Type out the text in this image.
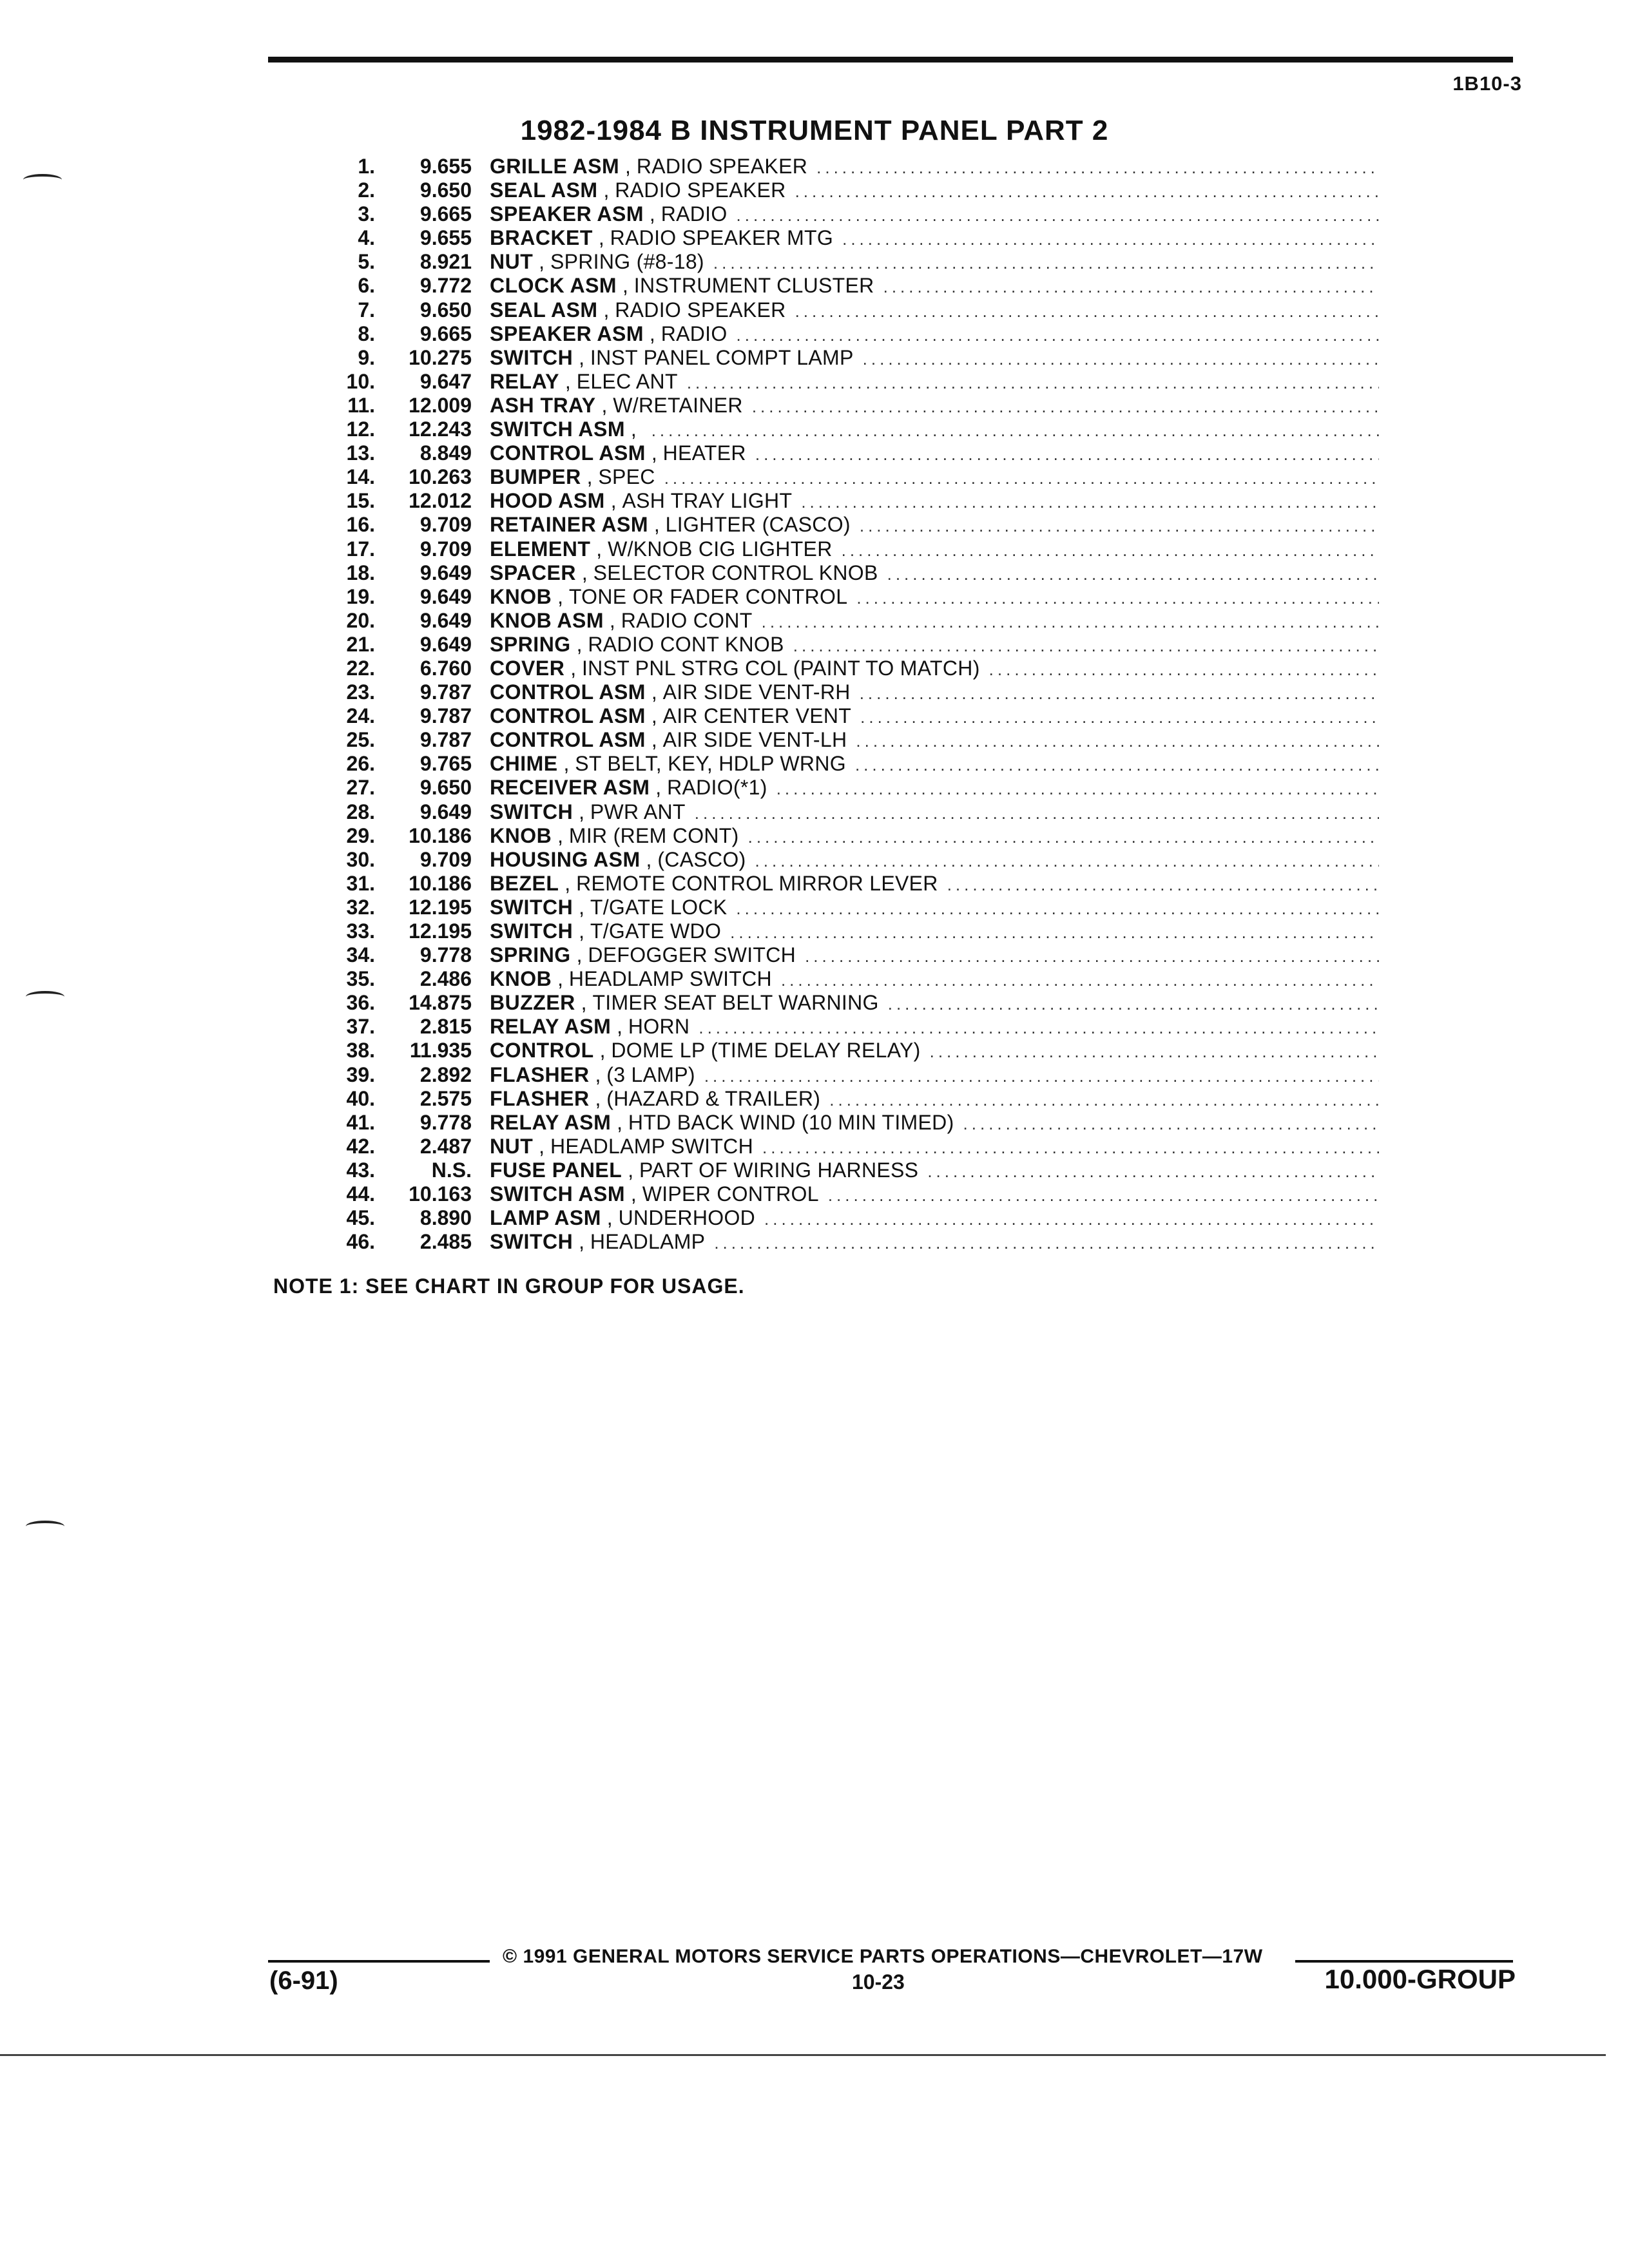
1B10-3
1982-1984 B INSTRUMENT PANEL PART 2
1.	9.655 GRILLE ASM , RADIO SPEAKER
.....
2.	9.650 SEAL ASM , RADIO SPEAKER
.....
3.	9.665 SPEAKER ASM , RADIO
.....
4.	9.655 BRACKET , RADIO SPEAKER MTG
.....
5.	8.921 NUT , SPRING (#8-18)
.....
6.	9.772 CLOCK ASM , INSTRUMENT CLUSTER
.....
7.	9.650 SEAL ASM , RADIO SPEAKER
.....
8.	9.665 SPEAKER ASM , RADIO
.....
9.	10.275 SWITCH , INST PANEL COMPT LAMP
.....
10.	9.647 RELAY , ELEC ANT
.....
11.	12.009 ASH TRAY , W/RETAINER
.....
12.	12.243 SWITCH ASM ,
.....
13.	8.849 CONTROL ASM , HEATER
.....
14.	10.263 BUMPER , SPEC
.....
15.	12.012 HOOD ASM , ASH TRAY LIGHT
.....
16.	9.709 RETAINER ASM , LIGHTER (CASCO)
.....
17.	9.709 ELEMENT , W/KNOB CIG LIGHTER
.....
18.	9.649 SPACER , SELECTOR CONTROL KNOB
.....
19.	9.649 KNOB , TONE OR FADER CONTROL
.....
20.	9.649 KNOB ASM , RADIO CONT
.....
21.	9.649 SPRING , RADIO CONT KNOB
.....
22.	6.760 COVER , INST PNL STRG COL (PAINT TO MATCH)
.....
23.	9.787 CONTROL ASM , AIR SIDE VENT-RH
.....
24.	9.787 CONTROL ASM , AIR CENTER VENT
.....
25.	9.787 CONTROL ASM , AIR SIDE VENT-LH
.....
26.	9.765 CHIME , ST BELT, KEY, HDLP WRNG
.....
27.	9.650 RECEIVER ASM , RADIO(*1)
.....
28.	9.649 SWITCH , PWR ANT
.....
29.	10.186 KNOB , MIR (REM CONT)
.....
30.	9.709 HOUSING ASM , (CASCO)
.....
31.	10.186 BEZEL , REMOTE CONTROL MIRROR LEVER
.....
32.	12.195 SWITCH , T/GATE LOCK
.....
33.	12.195 SWITCH , T/GATE WDO
.....
34.	9.778 SPRING , DEFOGGER SWITCH
.....
35.	2.486 KNOB , HEADLAMP SWITCH
.....
36.	14.875 BUZZER , TIMER SEAT BELT WARNING
.....
37.	2.815 RELAY ASM , HORN
.....
38.	11.935 CONTROL , DOME LP (TIME DELAY RELAY)
.....
39.	2.892 FLASHER , (3 LAMP)
.....
40.	2.575 FLASHER , (HAZARD & TRAILER)
.....
41.	9.778 RELAY ASM , HTD BACK WIND (10 MIN TIMED)
.....
42.	2.487 NUT , HEADLAMP SWITCH
.....
43.	N.S. FUSE PANEL , PART OF WIRING HARNESS
.....
44.	10.163 SWITCH ASM , WIPER CONTROL
.....
45.	8.890 LAMP ASM , UNDERHOOD
.....
46.	2.485 SWITCH , HEADLAMP
.....
NOTE 1: SEE CHART IN GROUP FOR USAGE.
© 1991 GENERAL MOTORS SERVICE PARTS OPERATIONS—CHEVROLET—17W
(6-91)	10-23	10.000-GROUP
